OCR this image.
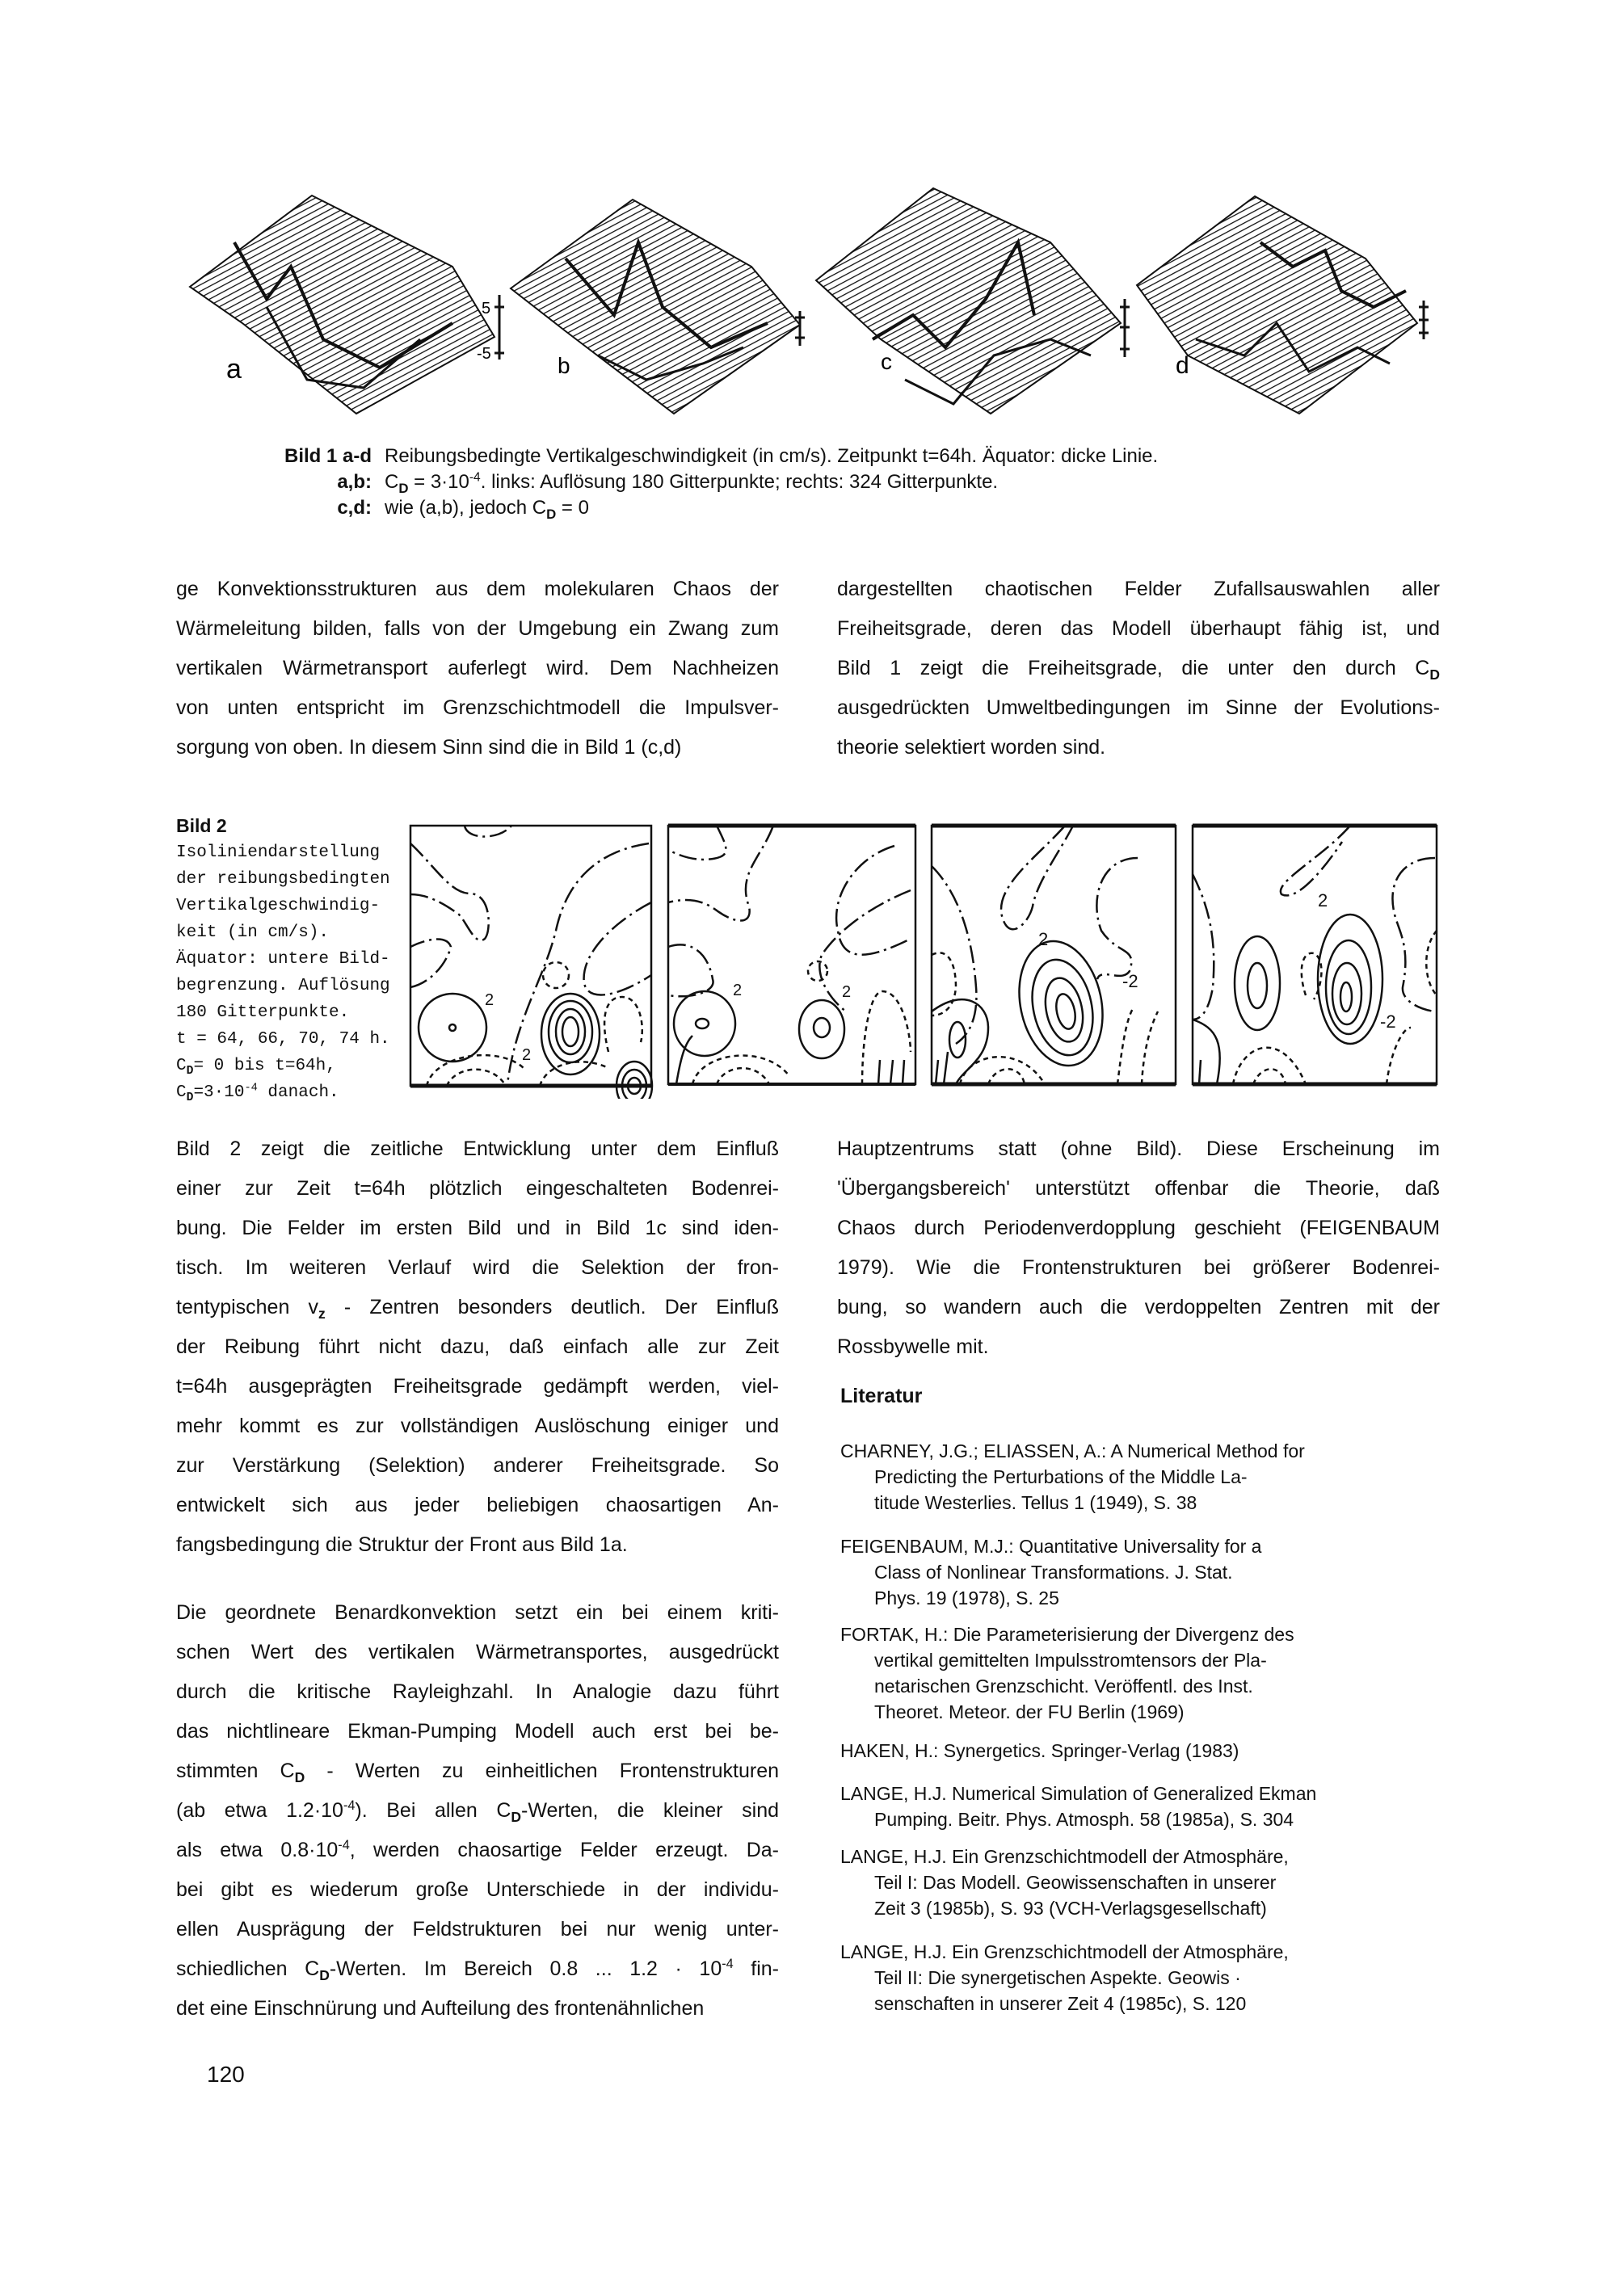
a
5
-5	b	c	d
Bild 1 a-d Reibungsbedingte Vertikalgeschwindigkeit (in cm/s). Zeitpunkt t=64h. Äquator: dicke Linie.
a,b: $C_D = 3\cdot 10^{-4}$. links: Auflösung 180 Gitterpunkte; rechts: 324 Gitterpunkte.
c,d: wie (a,b), jedoch $C_D = 0$
ge Konvektionsstrukturen aus dem molekularen Chaos der
Wärmeleitung bilden, falls von der Umgebung ein Zwang zum
vertikalen Wärmetransport auferlegt wird. Dem Nachheizen
von unten entspricht im Grenzschichtmodell die Impulsver-
sorgung von oben. In diesem Sinn sind die in Bild 1 (c,d)
dargestellten chaotischen Felder Zufallsauswahlen aller
Freiheitsgrade, deren das Modell überhaupt fähig ist, und
Bild 1 zeigt die Freiheitsgrade, die unter den durch $C_D$
ausgedrückten Umweltbedingungen im Sinne der Evolutions-
theorie selektiert worden sind.
Bild 2
Isoliniendarstellung
der reibungsbedingten
Vertikalgeschwindig-
keit (in cm/s).
Äquator: untere Bild-
begrenzung. Auflösung
180 Gitterpunkte.
t = 64, 66, 70, 74 h.
$C_D= 0$ bis t=64h,
$C_D=3\cdot 10^{-4}$ danach.
2
2
2	2
2
-2
2
-2
Bild 2 zeigt die zeitliche Entwicklung unter dem Einfluß
einer zur Zeit t=64h plötzlich eingeschalteten Bodenrei-
bung. Die Felder im ersten Bild und in Bild 1c sind iden-
tisch. Im weiteren Verlauf wird die Selektion der fron-
tentypischen $v_z$ - Zentren besonders deutlich. Der Einfluß
der Reibung führt nicht dazu, daß einfach alle zur Zeit
t=64h ausgeprägten Freiheitsgrade gedämpft werden, viel-
mehr kommt es zur vollständigen Auslöschung einiger und
zur Verstärkung (Selektion) anderer Freiheitsgrade. So
entwickelt sich aus jeder beliebigen chaosartigen An-
fangsbedingung die Struktur der Front aus Bild 1a.
Die geordnete Benardkonvektion setzt ein bei einem kriti-
schen Wert des vertikalen Wärmetransportes, ausgedrückt
durch die kritische Rayleighzahl. In Analogie dazu führt
das nichtlineare Ekman-Pumping Modell auch erst bei be-
stimmten $C_D$ - Werten zu einheitlichen Frontenstrukturen
(ab etwa $1.2\cdot 10^{-4}$). Bei allen $C_D$-Werten, die kleiner sind
als etwa $0.8\cdot 10^{-4}$, werden chaosartige Felder erzeugt. Da-
bei gibt es wiederum große Unterschiede in der individu-
ellen Ausprägung der Feldstrukturen bei nur wenig unter-
schiedlichen $C_D$-Werten. Im Bereich 0.8 ... $1.2 \cdot 10^{-4}$ fin-
det eine Einschnürung und Aufteilung des frontenähnlichen
Hauptzentrums statt (ohne Bild). Diese Erscheinung im
'Übergangsbereich' unterstützt offenbar die Theorie, daß
Chaos durch Periodenverdopplung geschieht (FEIGENBAUM
1979). Wie die Frontenstrukturen bei größerer Bodenrei-
bung, so wandern auch die verdoppelten Zentren mit der
Rossbywelle mit.
Literatur
CHARNEY, J.G.; ELIASSEN, A.: A Numerical Method for
Predicting the Perturbations of the Middle La-
titude Westerlies. Tellus 1 (1949), S. 38
FEIGENBAUM, M.J.: Quantitative Universality for a
Class of Nonlinear Transformations. J. Stat.
Phys. 19 (1978), S. 25
FORTAK, H.: Die Parameterisierung der Divergenz des
vertikal gemittelten Impulsstromtensors der Pla-
netarischen Grenzschicht. Veröffentl. des Inst.
Theoret. Meteor. der FU Berlin (1969)
HAKEN, H.: Synergetics. Springer-Verlag (1983)
LANGE, H.J. Numerical Simulation of Generalized Ekman
Pumping. Beitr. Phys. Atmosph. 58 (1985a), S. 304
LANGE, H.J. Ein Grenzschichtmodell der Atmosphäre,
Teil I: Das Modell. Geowissenschaften in unserer
Zeit 3 (1985b), S. 93 (VCH-Verlagsgesellschaft)
LANGE, H.J. Ein Grenzschichtmodell der Atmosphäre,
Teil II: Die synergetischen Aspekte. Geowis ·
senschaften in unserer Zeit 4 (1985c), S. 120
120
